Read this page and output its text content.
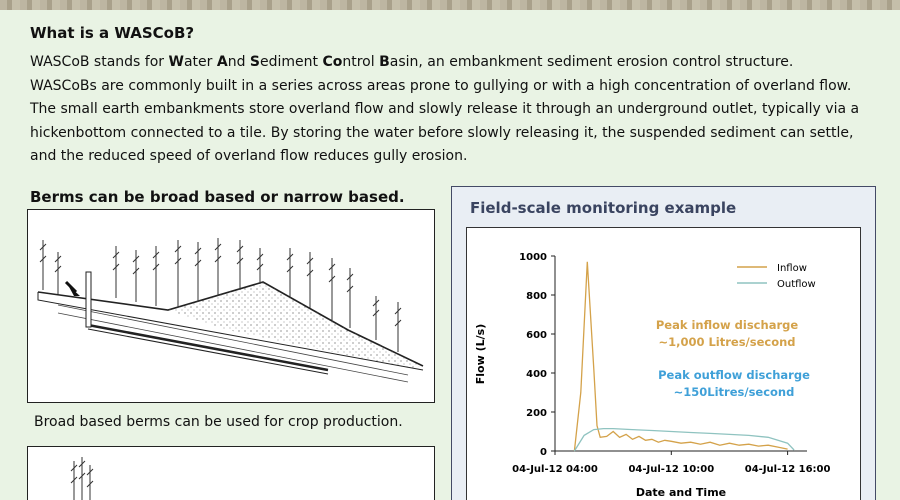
What is a WASCoB?
WASCoB stands for Water And Sediment Control Basin, an embankment sediment erosion control structure.
WASCoBs are commonly built in a series across areas prone to gullying or with a high concentration of overland flow. The small earth embankments store overland flow and slowly release it through an underground outlet, typically via a hickenbottom connected to a tile. By storing the water before slowly releasing it, the suspended sediment can settle, and the reduced speed of overland flow reduces gully erosion.
Berms can be broad based or narrow based.
Broad based berms can be used for crop production.
Field-scale monitoring example
0
200
400
600
800
1000
04-Jul-12 04:00	04-Jul-12 10:00	04-Jul-12 16:00
Flow (L/s)
Date and Time
Inflow
Outflow
Peak inflow discharge
~1,000 Litres/second
Peak outflow discharge
~150Litres/second
